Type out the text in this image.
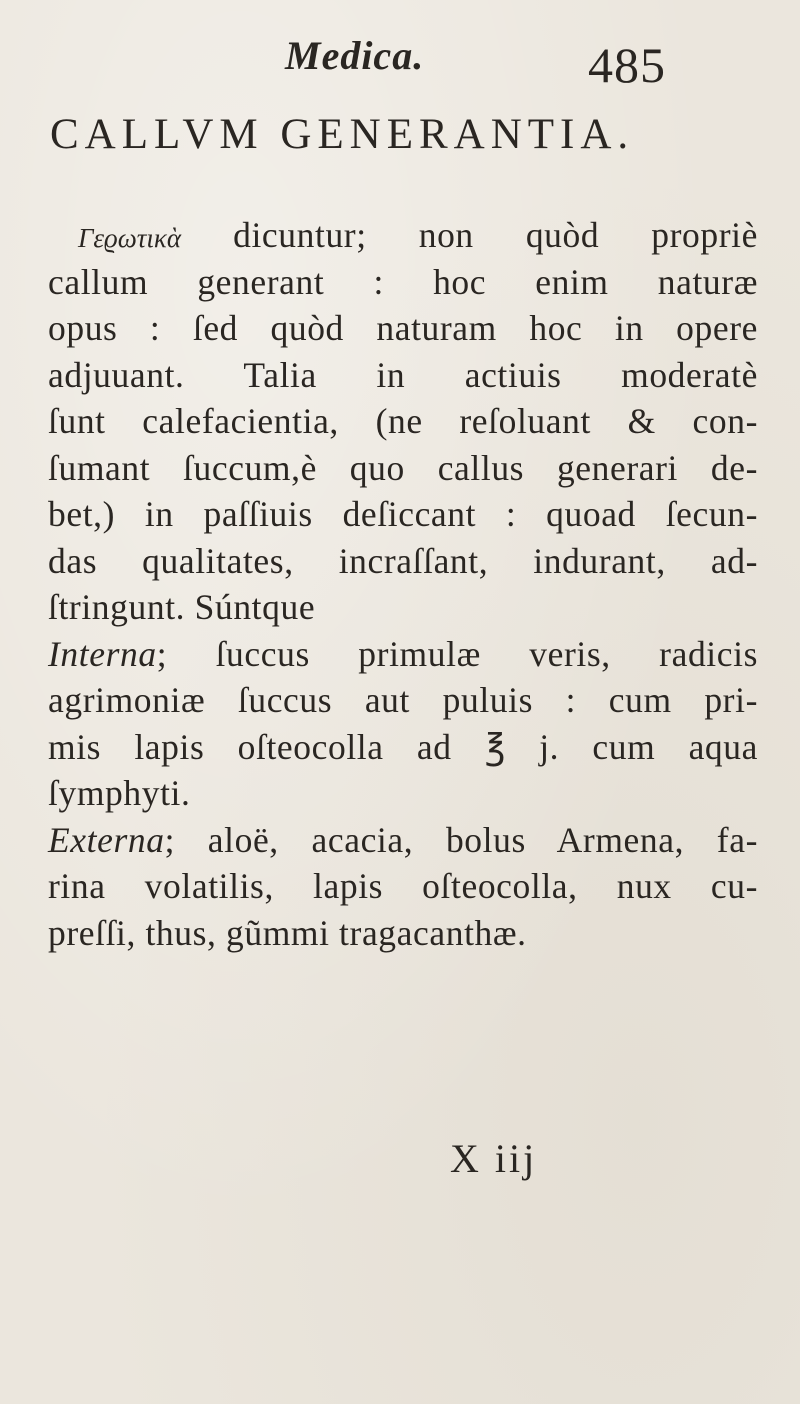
Medica.	485
CALLVM GENERANTIA.
Γεϱωτικὰ dicuntur; non quòd propriè
callum generant : hoc enim naturæ
opus : ſed quòd naturam hoc in opere
adjuuant. Talia in actiuis moderatè
ſunt calefacientia, (ne reſoluant & con-
ſumant ſuccum,è quo callus generari de-
bet,) in paſſiuis deſiccant : quoad ſecun-
das qualitates, incraſſant, indurant, ad-
ſtringunt. Súntque
Interna; ſuccus primulæ veris, radicis
agrimoniæ ſuccus aut puluis : cum pri-
mis lapis oſteocolla ad ℥ j. cum aqua
ſymphyti.
Externa; aloë, acacia, bolus Armena, fa-
rina volatilis, lapis oſteocolla, nux cu-
preſſi, thus, gũmmi tragacanthæ.
X iij
